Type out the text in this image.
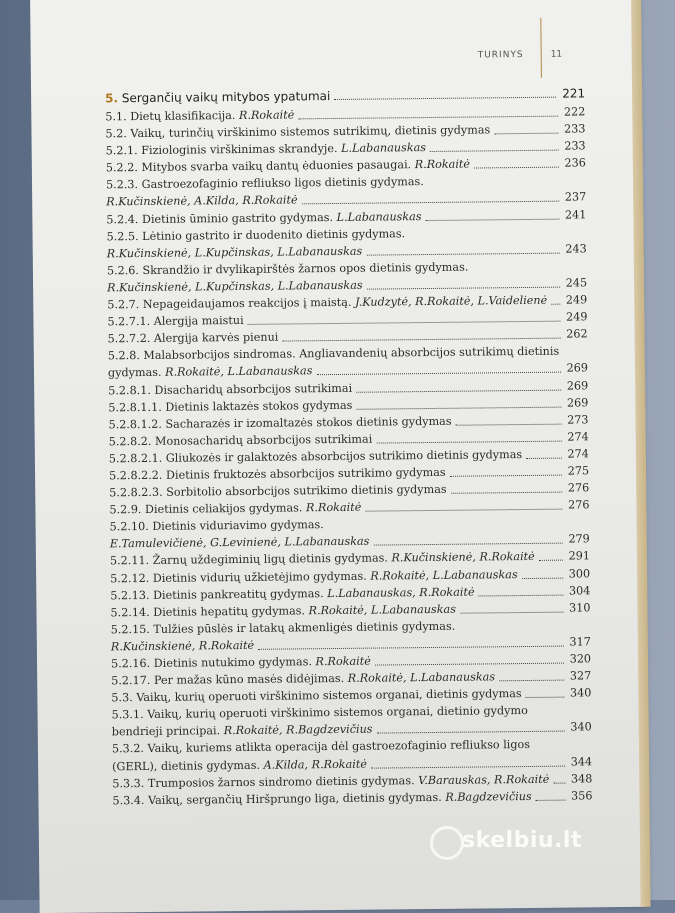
TURINYS	11
5. Sergančių vaikų mitybos ypatumai	221
5.1. Dietų klasifikacija. R.Rokaitė	222
5.2. Vaikų, turinčių virškinimo sistemos sutrikimų, dietinis gydymas	233
5.2.1. Fiziologinis virškinimas skrandyje. L.Labanauskas	233
5.2.2. Mitybos svarba vaikų dantų ėduonies pasaugai. R.Rokaitė	236
5.2.3. Gastroezofaginio refliukso ligos dietinis gydymas.
R.Kučinskienė, A.Kilda, R.Rokaitė	237
5.2.4. Dietinis ūminio gastrito gydymas. L.Labanauskas	241
5.2.5. Lėtinio gastrito ir duodenito dietinis gydymas.
R.Kučinskienė, L.Kupčinskas, L.Labanauskas	243
5.2.6. Skrandžio ir dvylikapirštės žarnos opos dietinis gydymas.
R.Kučinskienė, L.Kupčinskas, L.Labanauskas	245
5.2.7. Nepageidaujamos reakcijos į maistą. J.Kudzytė, R.Rokaitė, L.Vaidelienė 249
5.2.7.1. Alergija maistui	249
5.2.7.2. Alergija karvės pienui	262
5.2.8. Malabsorbcijos sindromas. Angliavandenių absorbcijos sutrikimų dietinis
gydymas. R.Rokaitė, L.Labanauskas	269
5.2.8.1. Disacharidų absorbcijos sutrikimai	269
5.2.8.1.1. Dietinis laktazės stokos gydymas	269
5.2.8.1.2. Sacharazės ir izomaltazės stokos dietinis gydymas	273
5.2.8.2. Monosacharidų absorbcijos sutrikimai	274
5.2.8.2.1. Gliukozės ir galaktozės absorbcijos sutrikimo dietinis gydymas	274
5.2.8.2.2. Dietinis fruktozės absorbcijos sutrikimo gydymas	275
5.2.8.2.3. Sorbitolio absorbcijos sutrikimo dietinis gydymas	276
5.2.9. Dietinis celiakijos gydymas. R.Rokaitė	276
5.2.10. Dietinis viduriavimo gydymas.
E.Tamulevičienė, G.Levinienė, L.Labanauskas	279
5.2.11. Žarnų uždegiminių ligų dietinis gydymas. R.Kučinskienė, R.Rokaitė	291
5.2.12. Dietinis vidurių užkietėjimo gydymas. R.Rokaitė, L.Labanauskas	300
5.2.13. Dietinis pankreatitų gydymas. L.Labanauskas, R.Rokaitė	304
5.2.14. Dietinis hepatitų gydymas. R.Rokaitė, L.Labanauskas	310
5.2.15. Tulžies pūslės ir latakų akmenligės dietinis gydymas.
R.Kučinskienė, R.Rokaitė	317
5.2.16. Dietinis nutukimo gydymas. R.Rokaitė	320
5.2.17. Per mažas kūno masės didėjimas. R.Rokaitė, L.Labanauskas	327
5.3. Vaikų, kurių operuoti virškinimo sistemos organai, dietinis gydymas	340
5.3.1. Vaikų, kurių operuoti virškinimo sistemos organai, dietinio gydymo
bendrieji principai. R.Rokaitė, R.Bagdzevičius	340
5.3.2. Vaikų, kuriems atlikta operacija dėl gastroezofaginio refliukso ligos
(GERL), dietinis gydymas. A.Kilda, R.Rokaitė	344
5.3.3. Trumposios žarnos sindromo dietinis gydymas. V.Barauskas, R.Rokaitė 348
5.3.4. Vaikų, sergančių Hiršprungo liga, dietinis gydymas. R.Bagdzevičius	356
skelbiu.lt
